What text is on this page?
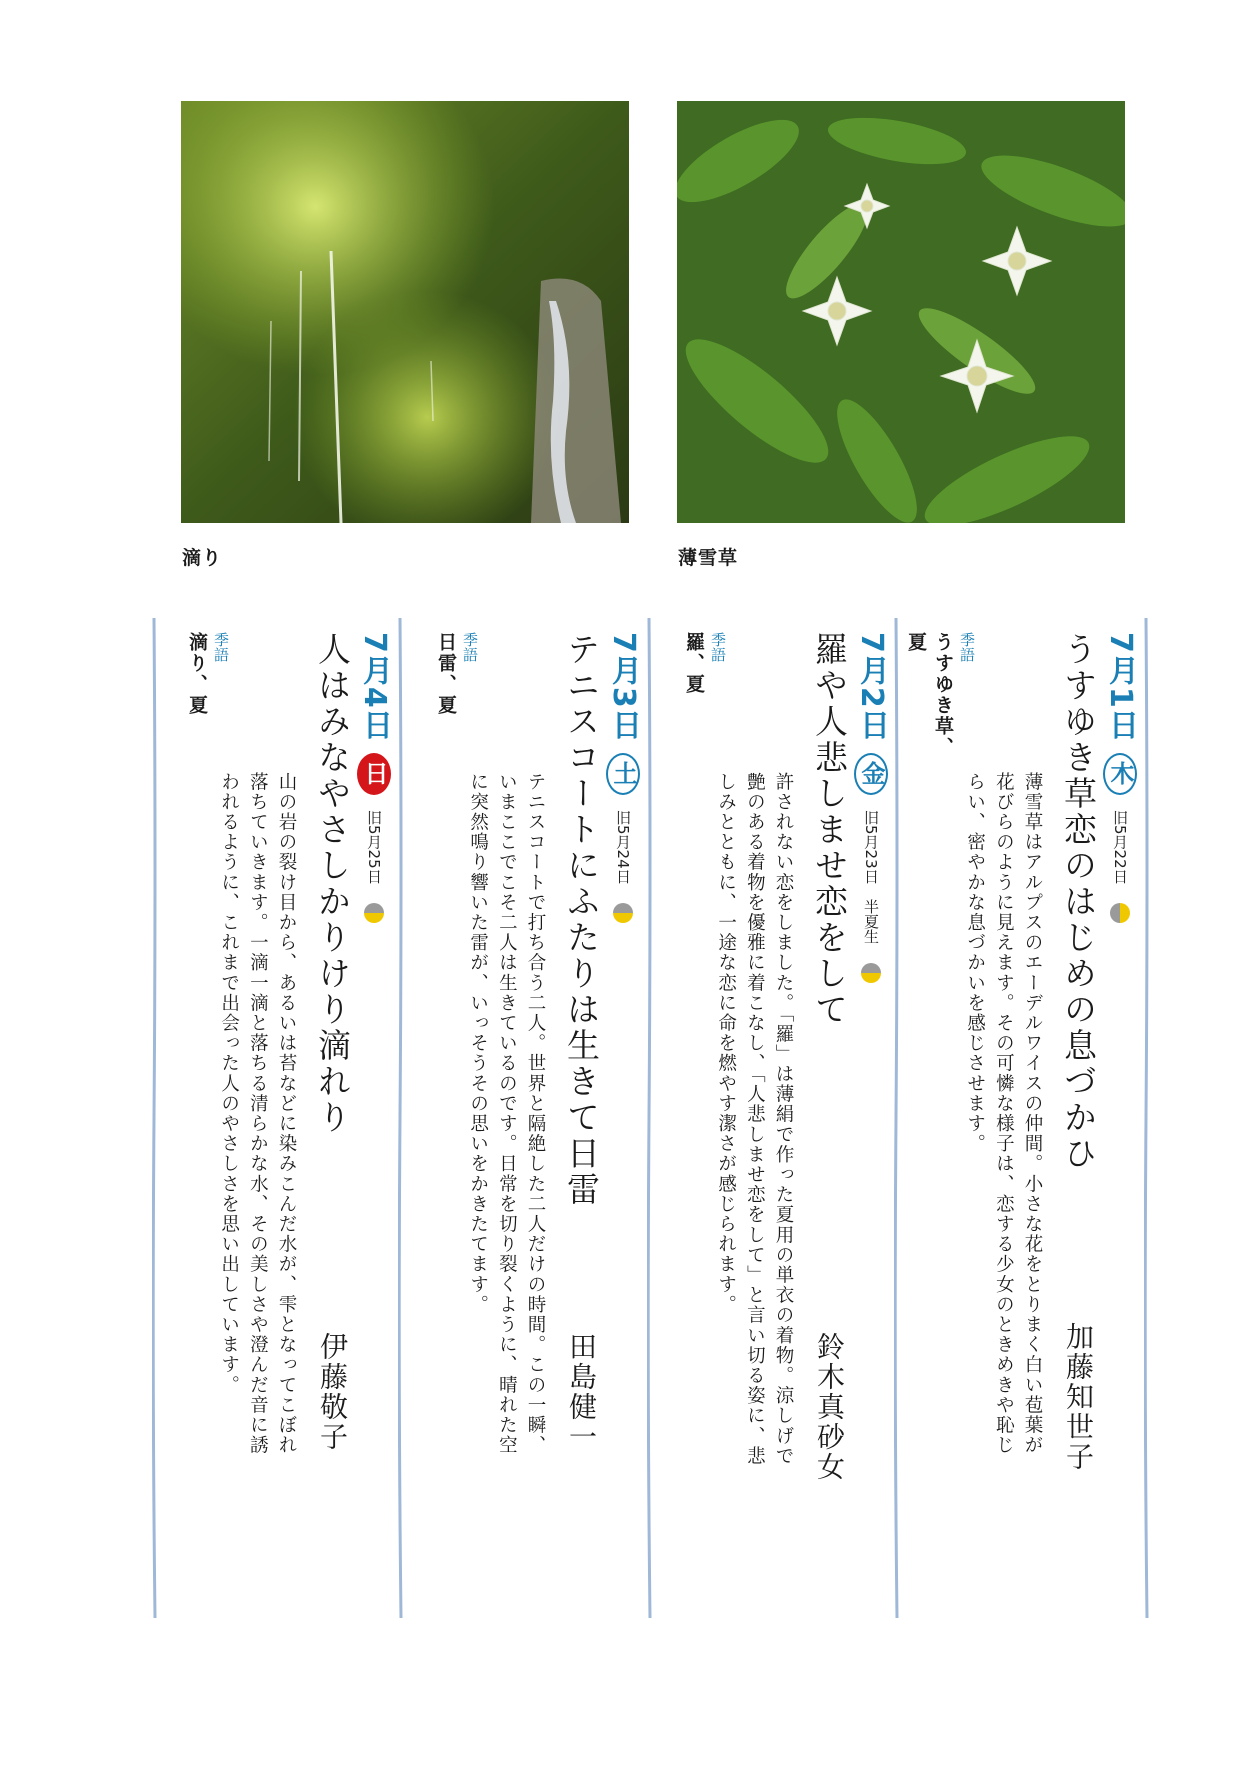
滴り	薄雪草
7月1日 木 旧5月22日
うすゆき草恋のはじめの息づかひ
加藤知世子
薄雪草はアルプスのエーデルワイスの仲間。小さな花をとりまく白い苞葉が花びらのように見えます。その可憐な様子は、恋する少女のときめきや恥じらい、密やかな息づかいを感じさせます。
季語
うすゆき草、夏
7月2日 金 旧5月23日 半夏生
羅や人悲しませ恋をして
鈴木真砂女
許されない恋をしました。「羅」は薄絹で作った夏用の単衣の着物。涼しげで艶のある着物を優雅に着こなし、「人悲しませ恋をして」と言い切る姿に、悲しみとともに、一途な恋に命を燃やす潔さが感じられます。
季語
羅、夏
7月3日 土 旧5月24日
テニスコートにふたりは生きて日雷
田島健一
テニスコートで打ち合う二人。世界と隔絶した二人だけの時間。この一瞬、いまここでこそ二人は生きているのです。日常を切り裂くように、晴れた空に突然鳴り響いた雷が、いっそうその思いをかきたてます。
季語
日雷、夏
7月4日 日 旧5月25日
人はみなやさしかりけり滴れり
伊藤敬子
山の岩の裂け目から、あるいは苔などに染みこんだ水が、雫となってこぼれ落ちていきます。一滴一滴と落ちる清らかな水、その美しさや澄んだ音に誘われるように、これまで出会った人のやさしさを思い出しています。
季語
滴り、夏
